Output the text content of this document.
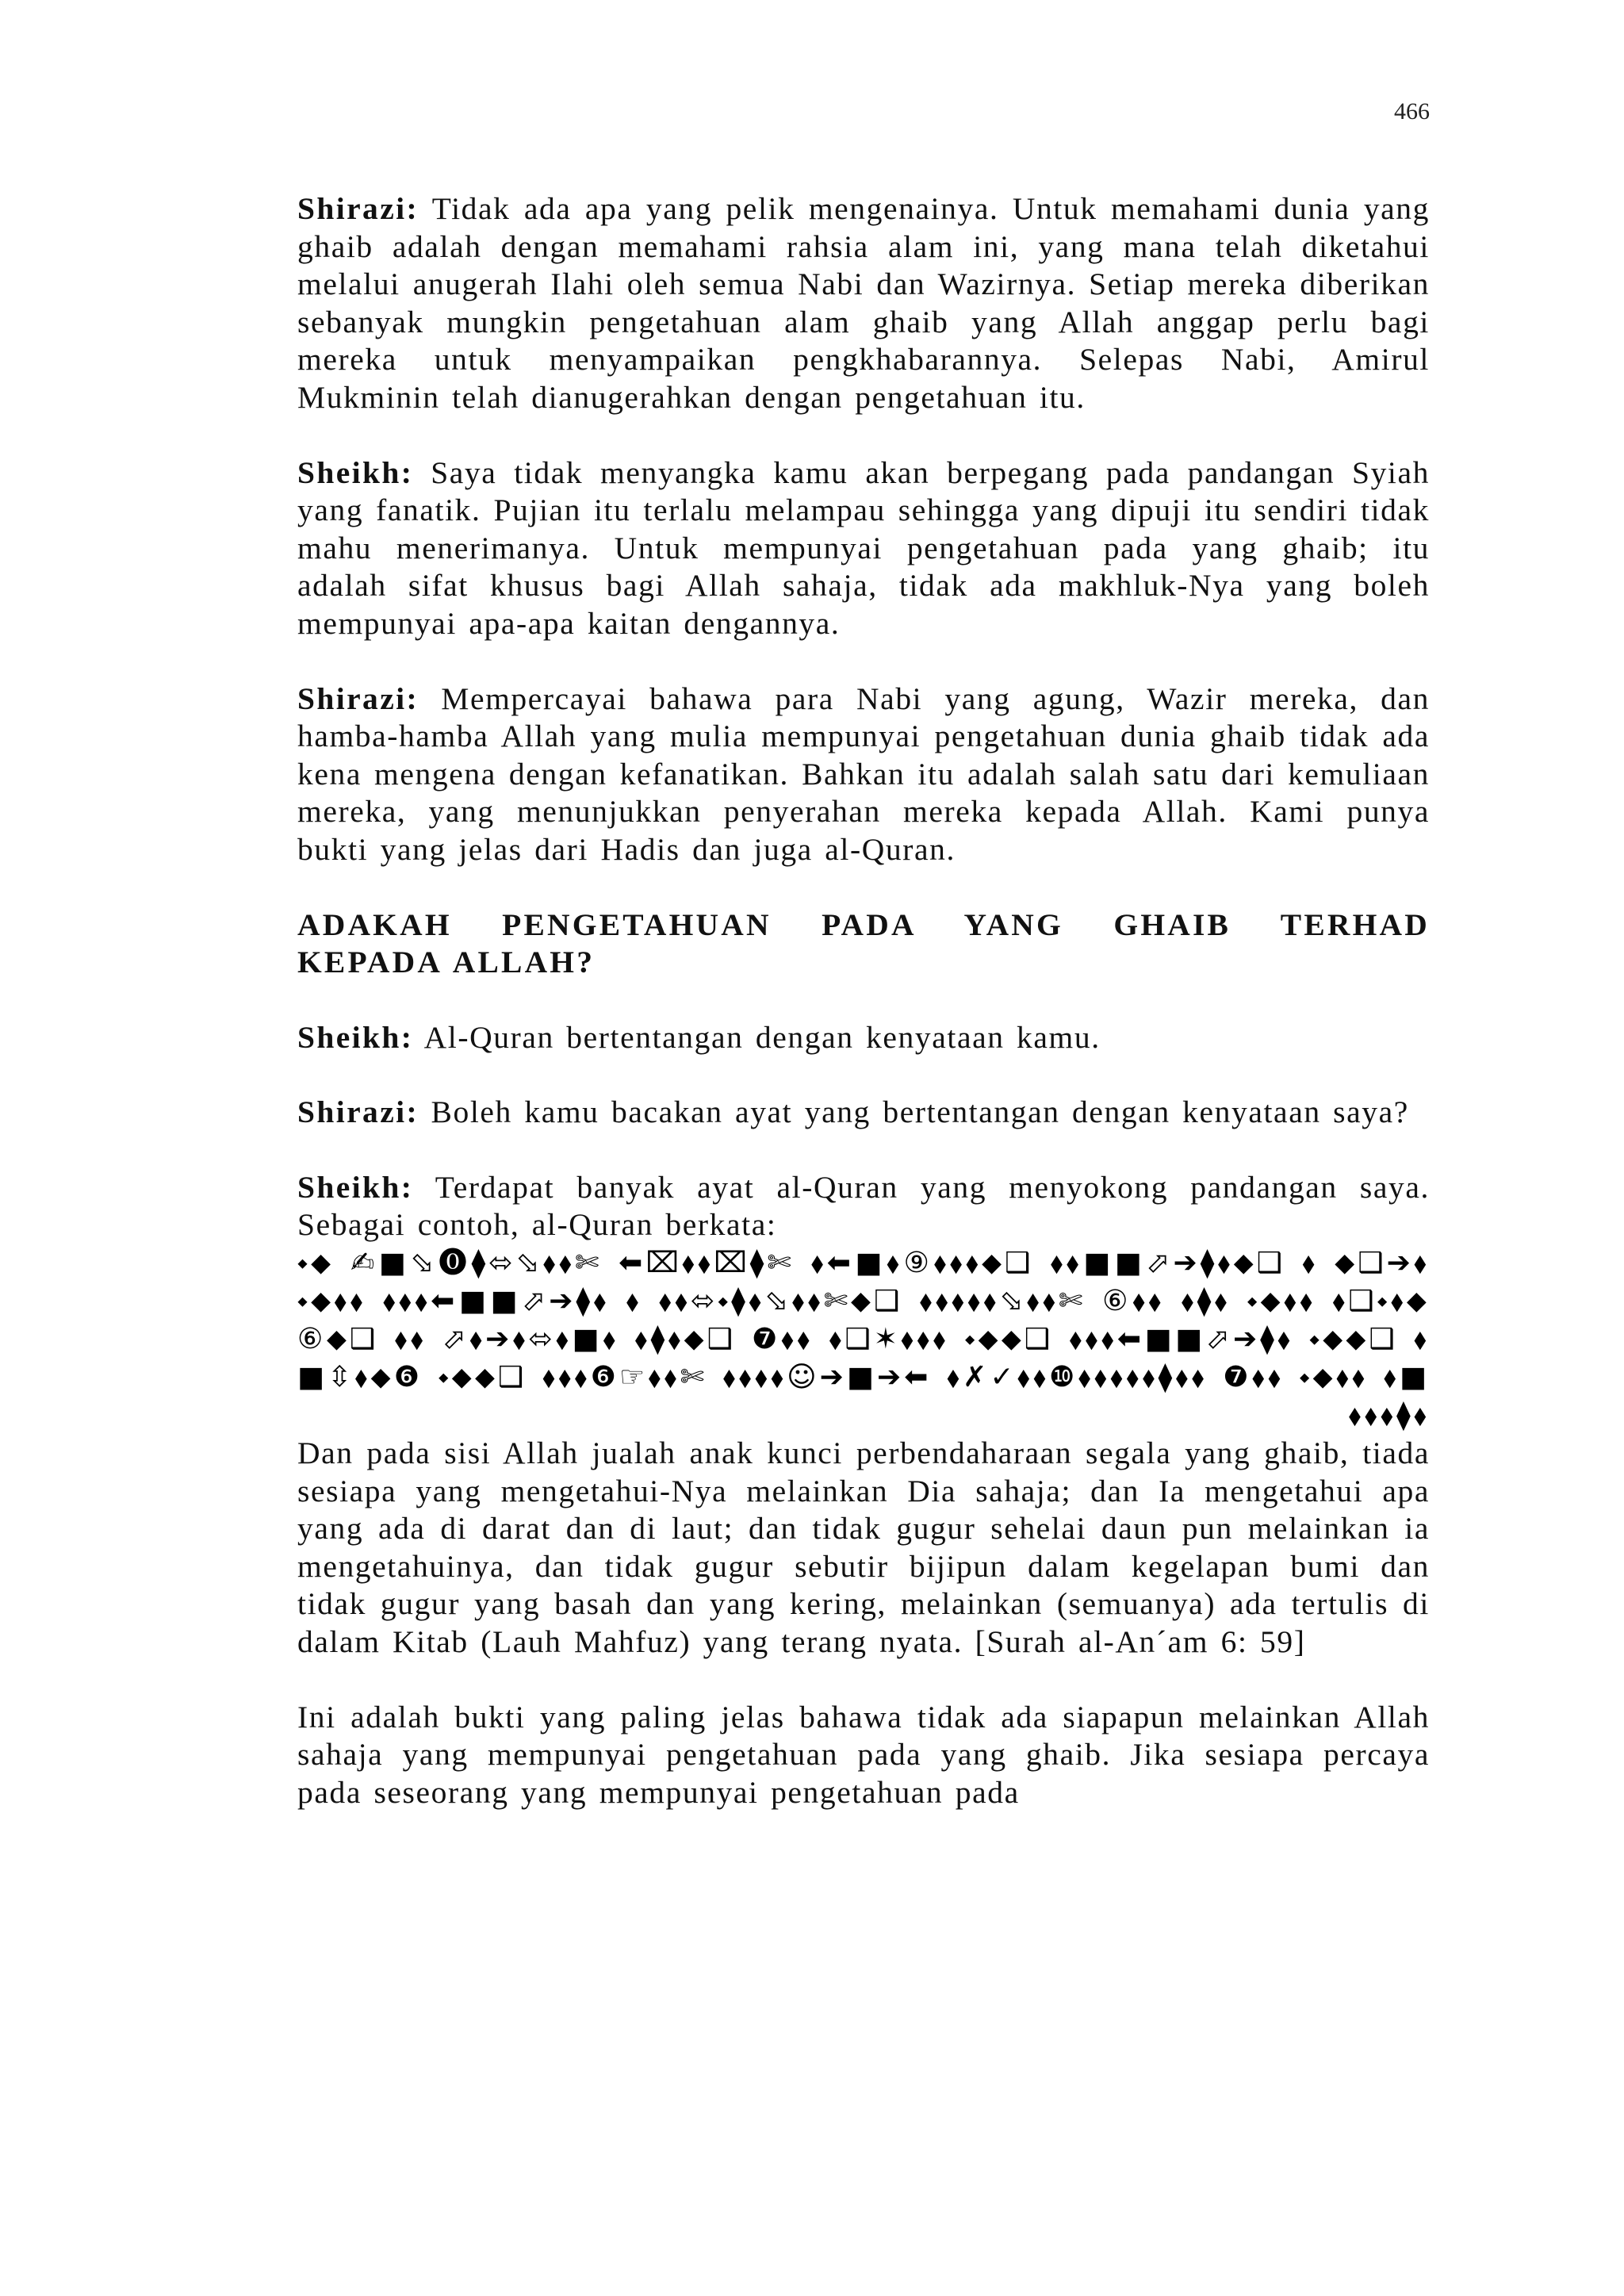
466

Shirazi: Tidak ada apa yang pelik mengenainya. Untuk memahami dunia yang ghaib adalah dengan memahami rahsia alam ini, yang mana telah diketahui melalui anugerah Ilahi oleh semua Nabi dan Wazirnya. Setiap mereka diberikan sebanyak mungkin pengetahuan alam ghaib yang Allah anggap perlu bagi mereka untuk menyampaikan pengkhabarannya. Selepas Nabi, Amirul Mukminin telah dianugerahkan dengan pengetahuan itu.

Sheikh: Saya tidak menyangka kamu akan berpegang pada pandangan Syiah yang fanatik. Pujian itu terlalu melampau sehingga yang dipuji itu sendiri tidak mahu menerimanya. Untuk mempunyai pengetahuan pada yang ghaib; itu adalah sifat khusus bagi Allah sahaja, tidak ada makhluk-Nya yang boleh mempunyai apa-apa kaitan dengannya.

Shirazi: Mempercayai bahawa para Nabi yang agung, Wazir mereka, dan hamba-hamba Allah yang mulia mempunyai pengetahuan dunia ghaib tidak ada kena mengena dengan kefanatikan. Bahkan itu adalah salah satu dari kemuliaan mereka, yang menunjukkan penyerahan mereka kepada Allah. Kami punya bukti yang jelas dari Hadis dan juga al-Quran.

ADAKAH PENGETAHUAN PADA YANG GHAIB TERHAD
KEPADA ALLAH?

Sheikh: Al-Quran bertentangan dengan kenyataan kamu.

Shirazi: Boleh kamu bacakan ayat yang bertentangan dengan kenyataan saya?

Sheikh: Terdapat banyak ayat al-Quran yang menyokong pandangan saya. Sebagai contoh, al-Quran berkata:

⬩⬥ ✍■⬂⓿⧫⬄⬂⬧⬧✄ ⬅⌧⬧⬧⌧⧫✄ ⬧⬅■⬧⑨⬧⬧⬧⬥❑ ⬧⬧■■⬀➔⧫⬧⬥❑ ⬧ ⬥❑➔⬧ ⬩⬥⬧⬧ ⬧⬧⬧⬅■■⬀➔⧫⬧ ⬧ ⬧⬧⬄⬩⧫⬧⬂⬧⬧✄⬥❑ ⬧⬧⬧⬧⬧⬂⬧⬧✄ ⑥⬧⬧ ⬧⧫⬧ ⬩⬥⬧⬧ ⬧❑⬩⬧⬥⑥⬥❑ ⬧⬧ ⬀⬧➔⬧⬄⬧■⬧ ⬧⧫⬧⬥❑ ❼⬧⬧ ⬧❑✶⬧⬧⬧ ⬩⬥⬥❑ ⬧⬧⬧⬅■■⬀➔⧫⬧ ⬩⬥⬥❑ ⬧■⇳⬧⬥❻ ⬩⬥⬥❑ ⬧⬧⬧❻☞⬧⬧✄ ⬧⬧⬧⬧☺➔■➔⬅ ⬧✗✓⬧⬧❿⬧⬧⬧⬧⬧⧫⬧⬧ ❼⬧⬧ ⬩⬥⬧⬧ ⬧■⬧⬧⬧⧫⬧

Dan pada sisi Allah jualah anak kunci perbendaharaan segala yang ghaib, tiada sesiapa yang mengetahui-Nya melainkan Dia sahaja; dan Ia mengetahui apa yang ada di darat dan di laut; dan tidak gugur sehelai daun pun melainkan ia mengetahuinya, dan tidak gugur sebutir bijipun dalam kegelapan bumi dan tidak gugur yang basah dan yang kering, melainkan (semuanya) ada tertulis di dalam Kitab (Lauh Mahfuz) yang terang nyata. [Surah al-An´am 6: 59]

Ini adalah bukti yang paling jelas bahawa tidak ada siapapun melainkan Allah sahaja yang mempunyai pengetahuan pada yang ghaib. Jika sesiapa percaya pada seseorang yang mempunyai pengetahuan pada
